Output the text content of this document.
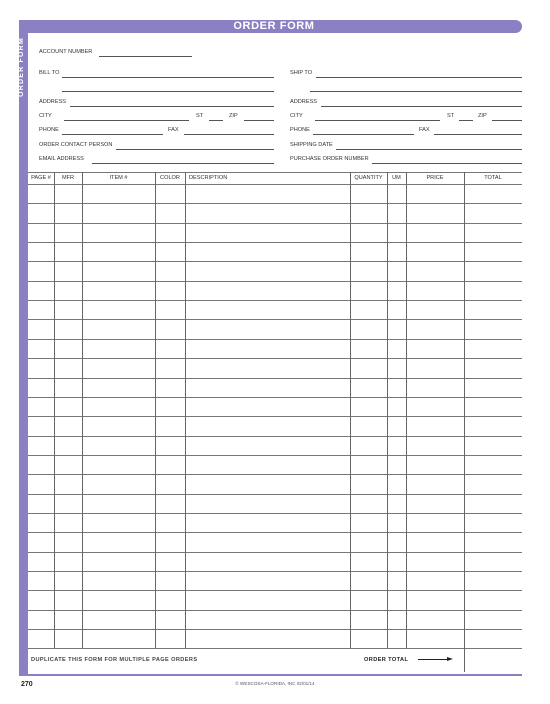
ORDER FORM
ORDER FORM	ACCOUNT NUMBER
BILL TO
ADDRESS
CITY	ST	ZIP
PHONE	FAX
ORDER CONTACT PERSON
EMAIL ADDRESS
SHIP TO
ADDRESS
CITY	ST	ZIP
PHONE	FAX
SHIPPING DATE
PURCHASE ORDER NUMBER
PAGE #	MFR	ITEM #	COLOR	DESCRIPTION	QUANTITY	UM	PRICE	TOTAL
DUPLICATE THIS FORM FOR MULTIPLE PAGE ORDERS	ORDER TOTAL
270	© WESCOSA-FLORIDA, INC 02/01/14
